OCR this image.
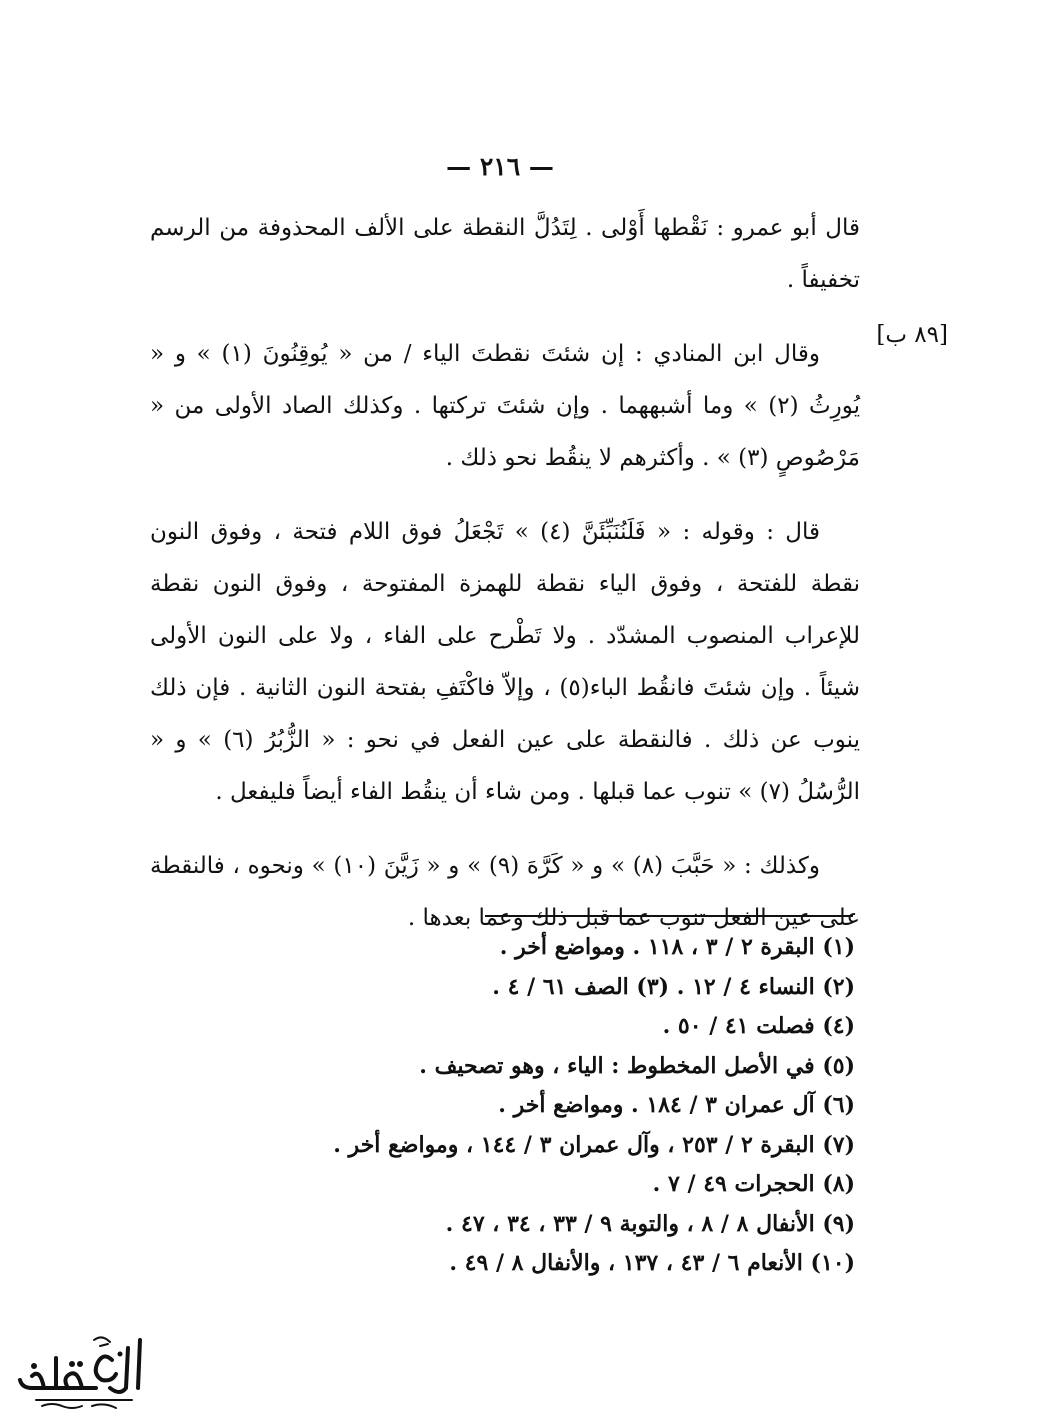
— ٢١٦ —
[٨٩ ب]

قال أبو عمرو : نَقْطها أَوْلى . لِتَدُلَّ النقطة على الألف المحذوفة من الرسم تخفيفاً .

وقال ابن المنادي : إن شئتَ نقطتَ الياء / من « يُوقِنُونَ (١) » و « يُورِثُ (٢) » وما أشبههما . وإن شئتَ تركتها . وكذلك الصاد الأولى من « مَرْصُوصٍ (٣) » . وأكثرهم لا ينقُط نحو ذلك .

قال : وقوله : « فَلَنُنَبِّئَنَّ (٤) » تَجْعَلُ فوق اللام فتحة ، وفوق النون نقطة للفتحة ، وفوق الياء نقطة للهمزة المفتوحة ، وفوق النون نقطة للإعراب المنصوب المشدّد . ولا تَطْرح على الفاء ، ولا على النون الأولى شيئاً . وإن شئتَ فانقُط الباء(٥) ، وإلاّ فاكْتَفِ بفتحة النون الثانية . فإن ذلك ينوب عن ذلك . فالنقطة على عين الفعل في نحو : « الزُّبُرُ (٦) » و « الرُّسُلُ (٧) » تنوب عما قبلها . ومن شاء أن ينقُط الفاء أيضاً فليفعل .

وكذلك : « حَبَّبَ (٨) » و « كَرَّهَ (٩) » و « زَيَّنَ (١٠) » ونحوه ، فالنقطة على عين الفعل تنوب عما قبل ذلك وعما بعدها .

(١) البقرة ٢ / ٣ ، ١١٨ . ومواضع أخر .
(٢) النساء ٤ / ١٢ . (٣) الصف ٦١ / ٤ .
(٤) فصلت ٤١ / ٥٠ .
(٥) في الأصل المخطوط : الياء ، وهو تصحيف .
(٦) آل عمران ٣ / ١٨٤ . ومواضع أخر .
(٧) البقرة ٢ / ٢٥٣ ، وآل عمران ٣ / ١٤٤ ، ومواضع أخر .
(٨) الحجرات ٤٩ / ٧ .
(٩) الأنفال ٨ / ٨ ، والتوبة ٩ / ٣٣ ، ٣٤ ، ٤٧ .
(١٠) الأنعام ٦ / ٤٣ ، ١٣٧ ، والأنفال ٨ / ٤٩ .
